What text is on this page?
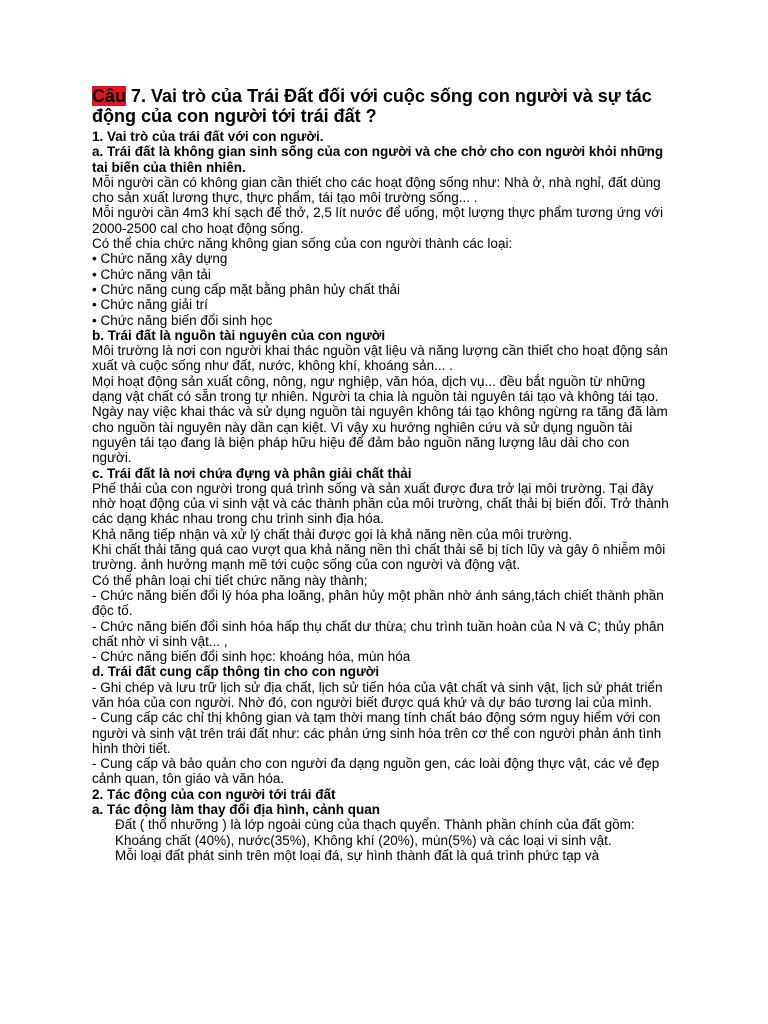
Câu 7. Vai trò của Trái Đất đối với cuộc sống con người và sự tác động của con người tới trái đất ?

1. Vai trò của trái đất với con người.

a. Trái đất là không gian sinh sống của con người và che chở cho con người khỏi những tai biến của thiên nhiên.

Mỗi người cần có không gian cần thiết cho các hoạt động sống như: Nhà ở, nhà nghỉ, đất dùng cho sản xuất lương thực, thực phẩm, tái tạo môi trường sống... .

Mỗi người cần 4m3 khí sạch để thở, 2,5 lít nước để uống, một lượng thực phẩm tương ứng với 2000-2500 cal cho hoạt động sống.

Có thể chia chức năng không gian sống của con người thành các loại:

• Chức năng xây dựng

• Chức năng vận tải

• Chức năng cung cấp mặt bằng phân hủy chất thải

• Chức năng giải trí

• Chức năng biến đổi sinh học

b. Trái đất là nguồn tài nguyên của con người

Môi trường là nơi con người khai thác nguồn vật liệu và năng lượng cần thiết cho hoạt động sản xuất và cuộc sống như đất, nước, không khí, khoáng sản... .

Mọi hoạt động sản xuất công, nông, ngư nghiệp, văn hóa, dịch vụ... đều bắt nguồn từ những dạng vật chất có sẵn trong tự nhiên. Người ta chia là nguồn tài nguyên tái tạo và không tái tạo.

Ngày nay việc khai thác và sử dụng nguồn tài nguyên không tái tạo không ngừng ra tăng đã làm cho nguồn tài nguyên này dần cạn kiệt. Vì vậy xu hướng nghiên cứu và sử dụng nguồn tài nguyên tái tạo đang là biện pháp hữu hiệu để đảm bảo nguồn năng lượng lâu dài cho con người.

c. Trái đất là nơi chứa đựng và phân giải chất thải

Phế thải của con người trong quá trình sống và sản xuất được đưa trở lại môi trường. Tại đây nhờ hoạt động của vi sinh vật và các thành phần của môi trường, chất thải bị biến đổi. Trở thành các dạng khác nhau trong chu trình sinh địa hóa.

Khả năng tiếp nhận và xử lý chất thải được gọi là khả năng nền của môi trường.

Khi chất thải tăng quá cao vượt qua khả năng nền thì chất thải sẽ bị tích lũy và gây ô nhiễm môi trường. ảnh hưởng mạnh mẽ tới cuộc sống của con người và động vật.

Có thể phân loại chi tiết chức năng này thành;

- Chức năng biến đổi lý hóa pha loãng, phân hủy một phần nhờ ánh sáng,tách chiết thành phần độc tố.

- Chức năng biến đổi sinh hóa hấp thụ chất dư thừa; chu trình tuần hoàn của N và C; thủy phân chất nhờ vi sinh vật... ,

- Chức năng biến đổi sinh học: khoáng hóa, mùn hóa

d. Trái đất cung cấp thông tin cho con người

- Ghi chép và lưu trữ lịch sử địa chất, lịch sử tiến hóa của vật chất và sinh vật, lịch sử phát triển văn hóa của con người. Nhờ đó, con người biết được quá khứ và dự báo tương lai của mình.

- Cung cấp các chỉ thị không gian và tạm thời mang tính chất báo động sớm nguy hiểm với con người và sinh vật trên trái đất như: các phản ứng sinh hóa trên cơ thể con người phản ánh tình hình thời tiết.

- Cung cấp và bảo quản cho con người đa dạng nguồn gen, các loài động thực vật, các vẻ đẹp cảnh quan, tôn giáo và văn hóa.

2. Tác động của con người tới trái đất

a. Tác động làm thay đổi địa hình, cảnh quan

Đất ( thổ nhưỡng ) là lớp ngoài cùng của thạch quyển. Thành phần chính của đất gồm: Khoáng chất (40%), nước(35%), Không khí (20%), mùn(5%) và các loại vi sinh vật.

Mỗi loại đất phát sinh trên một loại đá, sự hình thành đất là quá trình phức tạp và
